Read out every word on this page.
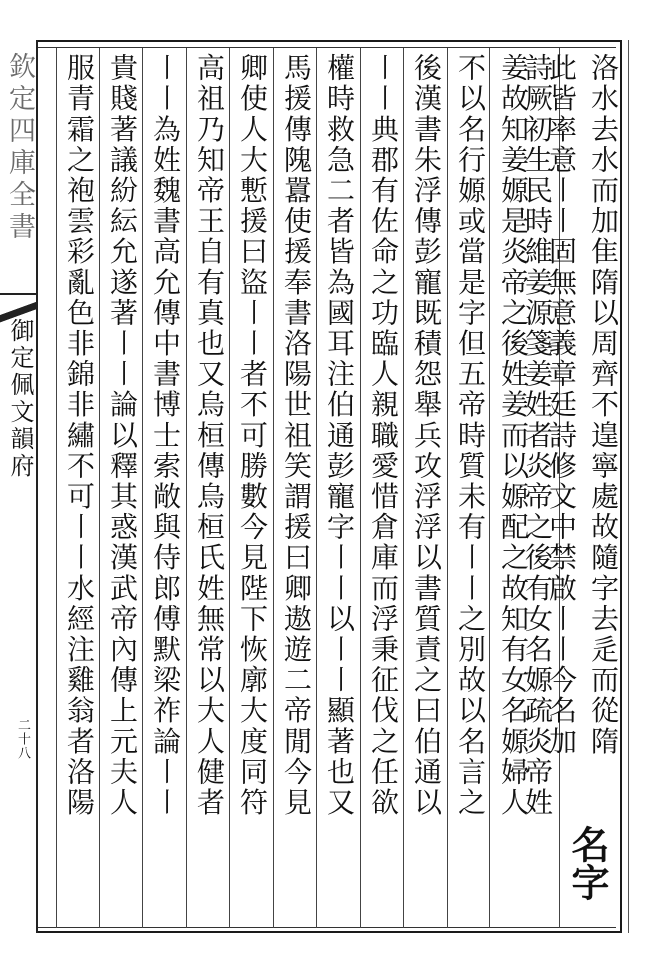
洛水去水而加隹隋以周齊不遑寧處故隨字去辵而從隋
此皆率意〡〡固無意義章廷詩修文中禁啟〡〡今名加
名字
詩厥初生民時維姜源箋姜姓者炎帝之後有女名嫄疏炎帝姓
姜故知姜嫄是炎帝之後姓姜而以嫄配之故知有女名嫄婦人
不以名行嫄或當是字但五帝時質未有〡〡之別故以名言之
後漢書朱浮傳彭寵既積怨舉兵攻浮浮以書質責之曰伯通以
〡〡典郡有佐命之功臨人親職愛惜倉庫而浮秉征伐之任欲
權時救急二者皆為國耳注伯通彭寵字〡〡以〡〡顯著也又
馬援傳隗囂使援奉書洛陽世祖笑謂援曰卿遨遊二帝閒今見
卿使人大慙援曰盜〡〡者不可勝數今見陛下恢廓大度同符
高祖乃知帝王自有真也又烏桓傳烏桓氏姓無常以大人健者
〡〡為姓魏書高允傳中書博士索敞與侍郎傅默梁祚論〡〡
貴賤著議紛紜允遂著〡〡論以釋其惑漢武帝內傳上元夫人
服青霜之袍雲彩亂色非錦非繡不可〡〡水經注雞翁者洛陽
欽定四庫全書
御定佩文韻府
二十八
